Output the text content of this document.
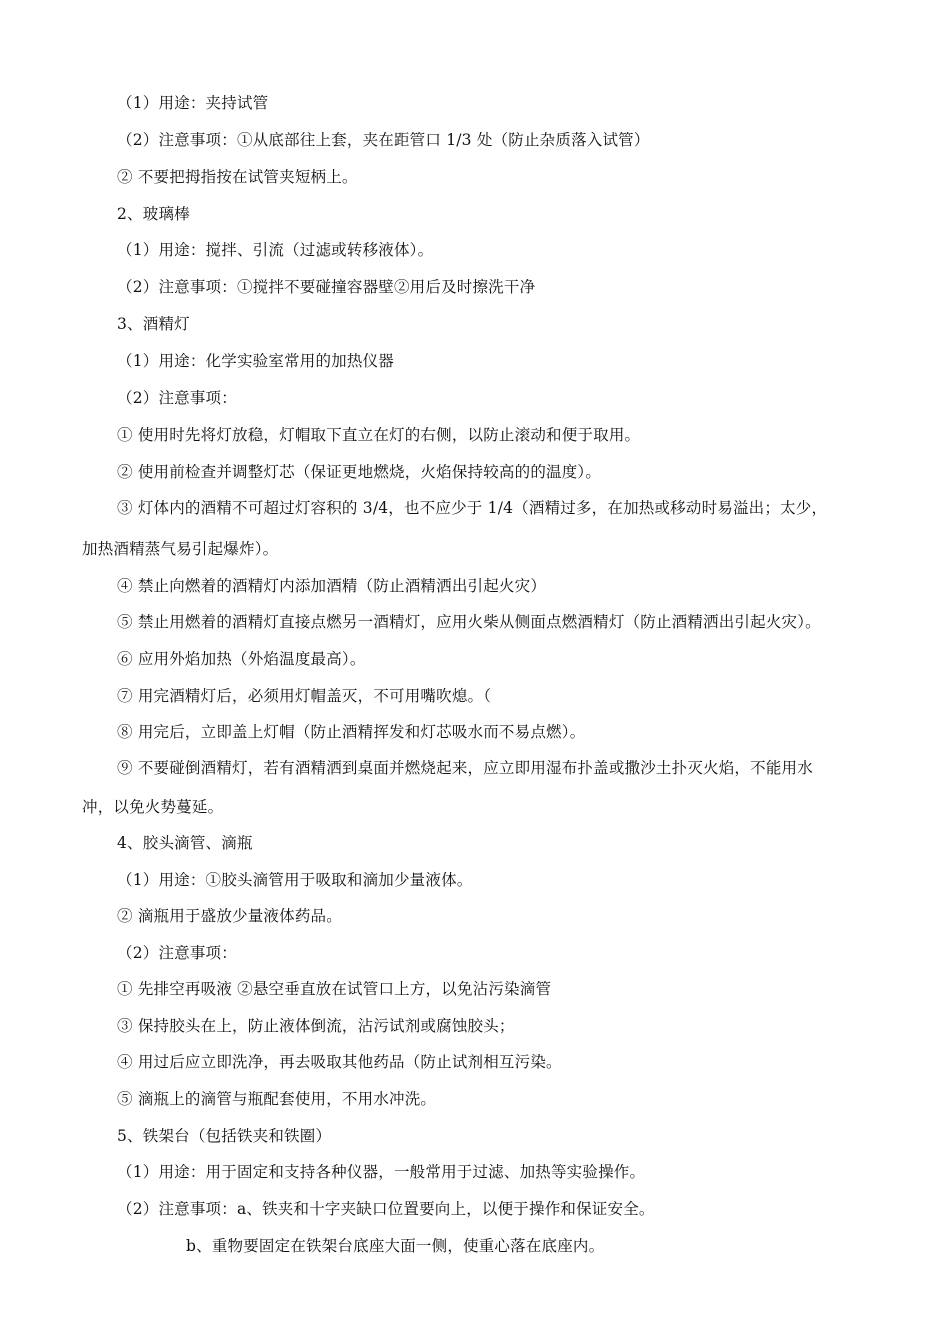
（1）用途：夹持试管
（2）注意事项：①从底部往上套，夹在距管口 1/3 处（防止杂质落入试管）
② 不要把拇指按在试管夹短柄上。
2、玻璃棒
（1）用途：搅拌、引流（过滤或转移液体）。
（2）注意事项：①搅拌不要碰撞容器壁②用后及时擦洗干净
3、酒精灯
（1）用途：化学实验室常用的加热仪器
（2）注意事项：
① 使用时先将灯放稳，灯帽取下直立在灯的右侧，以防止滚动和便于取用。
② 使用前检查并调整灯芯（保证更地燃烧，火焰保持较高的的温度）。
③ 灯体内的酒精不可超过灯容积的 3/4，也不应少于 1/4（酒精过多，在加热或移动时易溢出；太少，
加热酒精蒸气易引起爆炸）。
④ 禁止向燃着的酒精灯内添加酒精（防止酒精洒出引起火灾）
⑤ 禁止用燃着的酒精灯直接点燃另一酒精灯，应用火柴从侧面点燃酒精灯（防止酒精洒出引起火灾）。
⑥ 应用外焰加热（外焰温度最高）。
⑦ 用完酒精灯后，必须用灯帽盖灭，不可用嘴吹熄。（
⑧ 用完后，立即盖上灯帽（防止酒精挥发和灯芯吸水而不易点燃）。
⑨ 不要碰倒酒精灯，若有酒精洒到桌面并燃烧起来，应立即用湿布扑盖或撒沙土扑灭火焰，不能用水
冲，以免火势蔓延。
4、胶头滴管、滴瓶
（1）用途：①胶头滴管用于吸取和滴加少量液体。
② 滴瓶用于盛放少量液体药品。
（2）注意事项：
① 先排空再吸液 ②悬空垂直放在试管口上方，以免沾污染滴管
③ 保持胶头在上，防止液体倒流，沾污试剂或腐蚀胶头；
④ 用过后应立即洗净，再去吸取其他药品（防止试剂相互污染。
⑤ 滴瓶上的滴管与瓶配套使用，不用水冲洗。
5、铁架台（包括铁夹和铁圈）
（1）用途：用于固定和支持各种仪器，一般常用于过滤、加热等实验操作。
（2）注意事项：a、铁夹和十字夹缺口位置要向上，以便于操作和保证安全。
b、重物要固定在铁架台底座大面一侧，使重心落在底座内。
